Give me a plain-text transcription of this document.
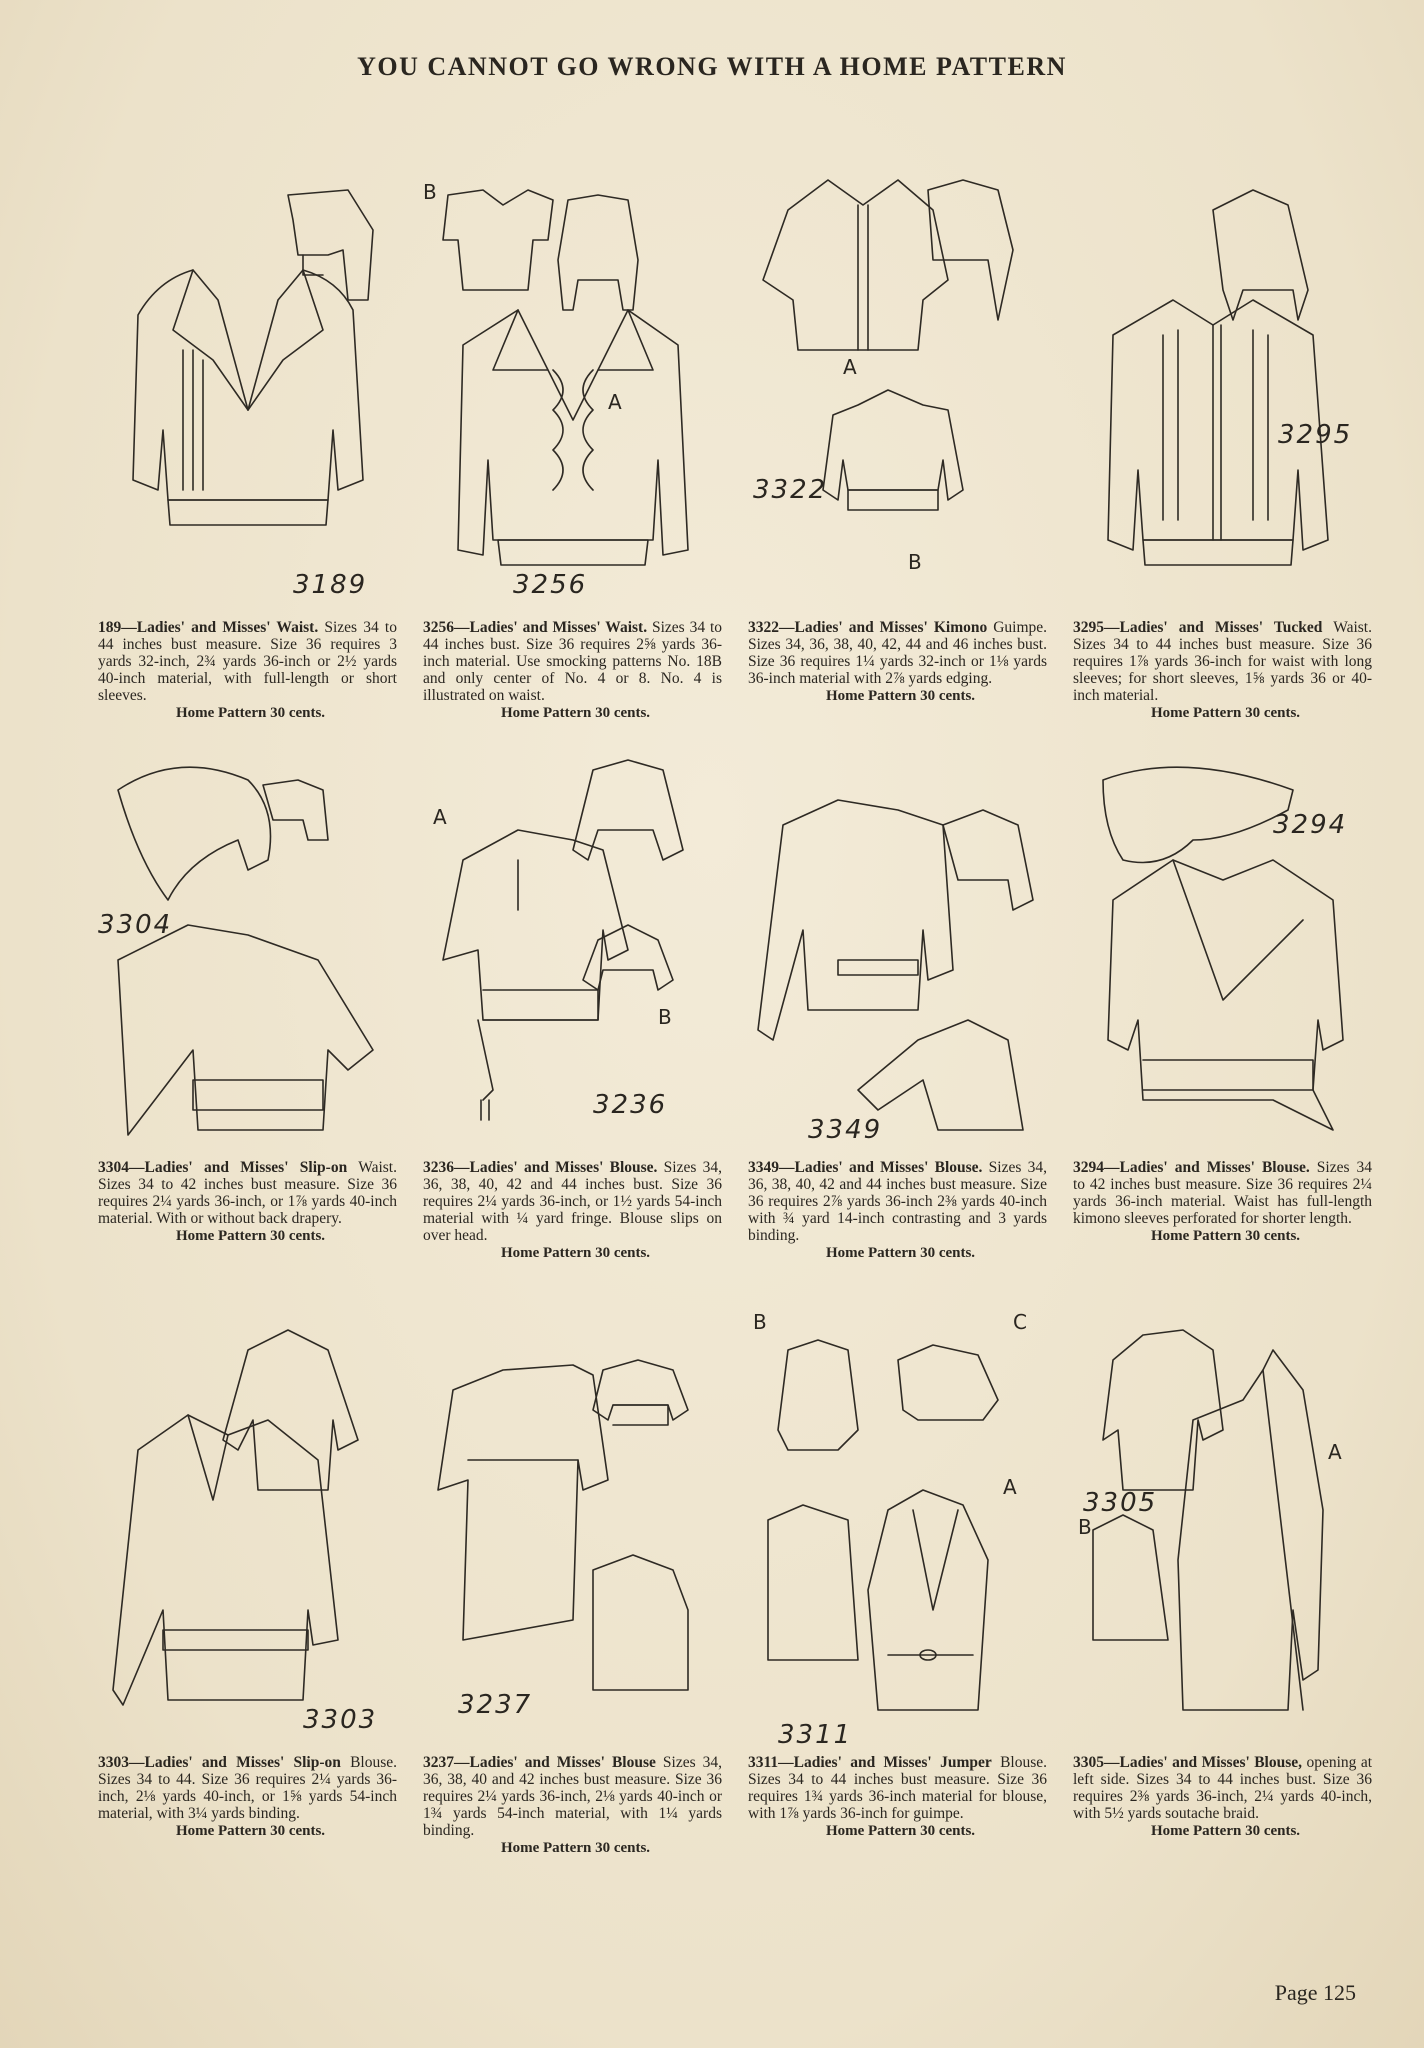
YOU CANNOT GO WRONG WITH A HOME PATTERN
3189
189—Ladies' and Misses' Waist. Sizes 34 to 44 inches bust measure. Size 36 requires 3 yards 32-inch, 2¾ yards 36-inch or 2½ yards 40-inch material, with full-length or short sleeves.
Home Pattern 30 cents.
B
A
3256
3256—Ladies' and Misses' Waist. Sizes 34 to 44 inches bust. Size 36 requires 2⅝ yards 36-inch material. Use smocking patterns No. 18B and only center of No. 4 or 8. No. 4 is illustrated on waist.
Home Pattern 30 cents.
A
B
3322
3322—Ladies' and Misses' Kimono Guimpe. Sizes 34, 36, 38, 40, 42, 44 and 46 inches bust. Size 36 requires 1¼ yards 32-inch or 1⅛ yards 36-inch material with 2⅞ yards edging.
Home Pattern 30 cents.
3295
3295—Ladies' and Misses' Tucked Waist. Sizes 34 to 44 inches bust measure. Size 36 requires 1⅞ yards 36-inch for waist with long sleeves; for short sleeves, 1⅝ yards 36 or 40-inch material.
Home Pattern 30 cents.
3304
3304—Ladies' and Misses' Slip-on Waist. Sizes 34 to 42 inches bust measure. Size 36 requires 2¼ yards 36-inch, or 1⅞ yards 40-inch material. With or without back drapery.
Home Pattern 30 cents.
A
B
3236
3236—Ladies' and Misses' Blouse. Sizes 34, 36, 38, 40, 42 and 44 inches bust. Size 36 requires 2¼ yards 36-inch, or 1½ yards 54-inch material with ¼ yard fringe. Blouse slips on over head.
Home Pattern 30 cents.
3349
3349—Ladies' and Misses' Blouse. Sizes 34, 36, 38, 40, 42 and 44 inches bust measure. Size 36 requires 2⅞ yards 36-inch 2⅜ yards 40-inch with ¾ yard 14-inch contrasting and 3 yards binding.
Home Pattern 30 cents.
3294
3294—Ladies' and Misses' Blouse. Sizes 34 to 42 inches bust measure. Size 36 requires 2¼ yards 36-inch material. Waist has full-length kimono sleeves perforated for shorter length.
Home Pattern 30 cents.
3303
3303—Ladies' and Misses' Slip-on Blouse. Sizes 34 to 44. Size 36 requires 2¼ yards 36-inch, 2⅛ yards 40-inch, or 1⅝ yards 54-inch material, with 3¼ yards binding.
Home Pattern 30 cents.
3237
3237—Ladies' and Misses' Blouse Sizes 34, 36, 38, 40 and 42 inches bust measure. Size 36 requires 2¼ yards 36-inch, 2⅛ yards 40-inch or 1¾ yards 54-inch material, with 1¼ yards binding.
Home Pattern 30 cents.
B	C
A
3311
3311—Ladies' and Misses' Jumper Blouse. Sizes 34 to 44 inches bust measure. Size 36 requires 1¾ yards 36-inch material for blouse, with 1⅞ yards 36-inch for guimpe.
Home Pattern 30 cents.
A
B
3305
3305—Ladies' and Misses' Blouse, opening at left side. Sizes 34 to 44 inches bust. Size 36 requires 2⅜ yards 36-inch, 2¼ yards 40-inch, with 5½ yards soutache braid.
Home Pattern 30 cents.
Page 125
